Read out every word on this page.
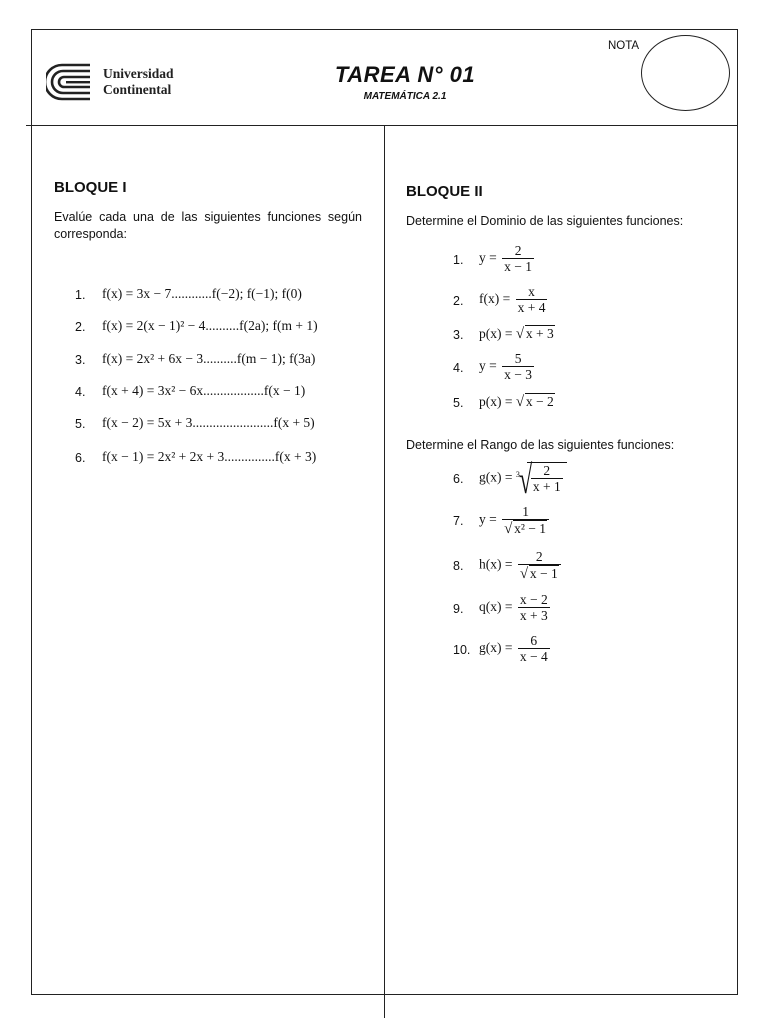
Universidad
Continental
TAREA N° 01
MATEMÁTICA 2.1
NOTA
BLOQUE I
Evalúe cada una de las siguientes funciones según corresponda:
1. f(x) = 3x − 7............f(−2); f(−1); f(0)
2. f(x) = 2(x − 1)² − 4..........f(2a); f(m + 1)
3. f(x) = 2x² + 6x − 3..........f(m − 1); f(3a)
4. f(x + 4) = 3x² − 6x..................f(x − 1)
5. f(x − 2) = 5x + 3........................f(x + 5)
6. f(x − 1) = 2x² + 2x + 3...............f(x + 3)
BLOQUE II
Determine el Dominio de las siguientes funciones:
1. $y = \frac{2}{x - 1}$
2. $f(x) = \frac{x}{x + 4}$
3. p(x) = √ x + 3
4. $y = \frac{5}{x - 3}$
5. p(x) = √ x − 2
Determine el Rango de las siguientes funciones:
6. g(x) = 3 √
$\frac{2}{x + 1}$
7. $y = \frac{1}{\text{√ x² − 1}}$
8. $h(x) = \frac{2}{√ x - 1}$
9. $q(x) = \frac{x - 2}{x + 3}$
10. $g(x) = \frac{6}{x - 4}$
